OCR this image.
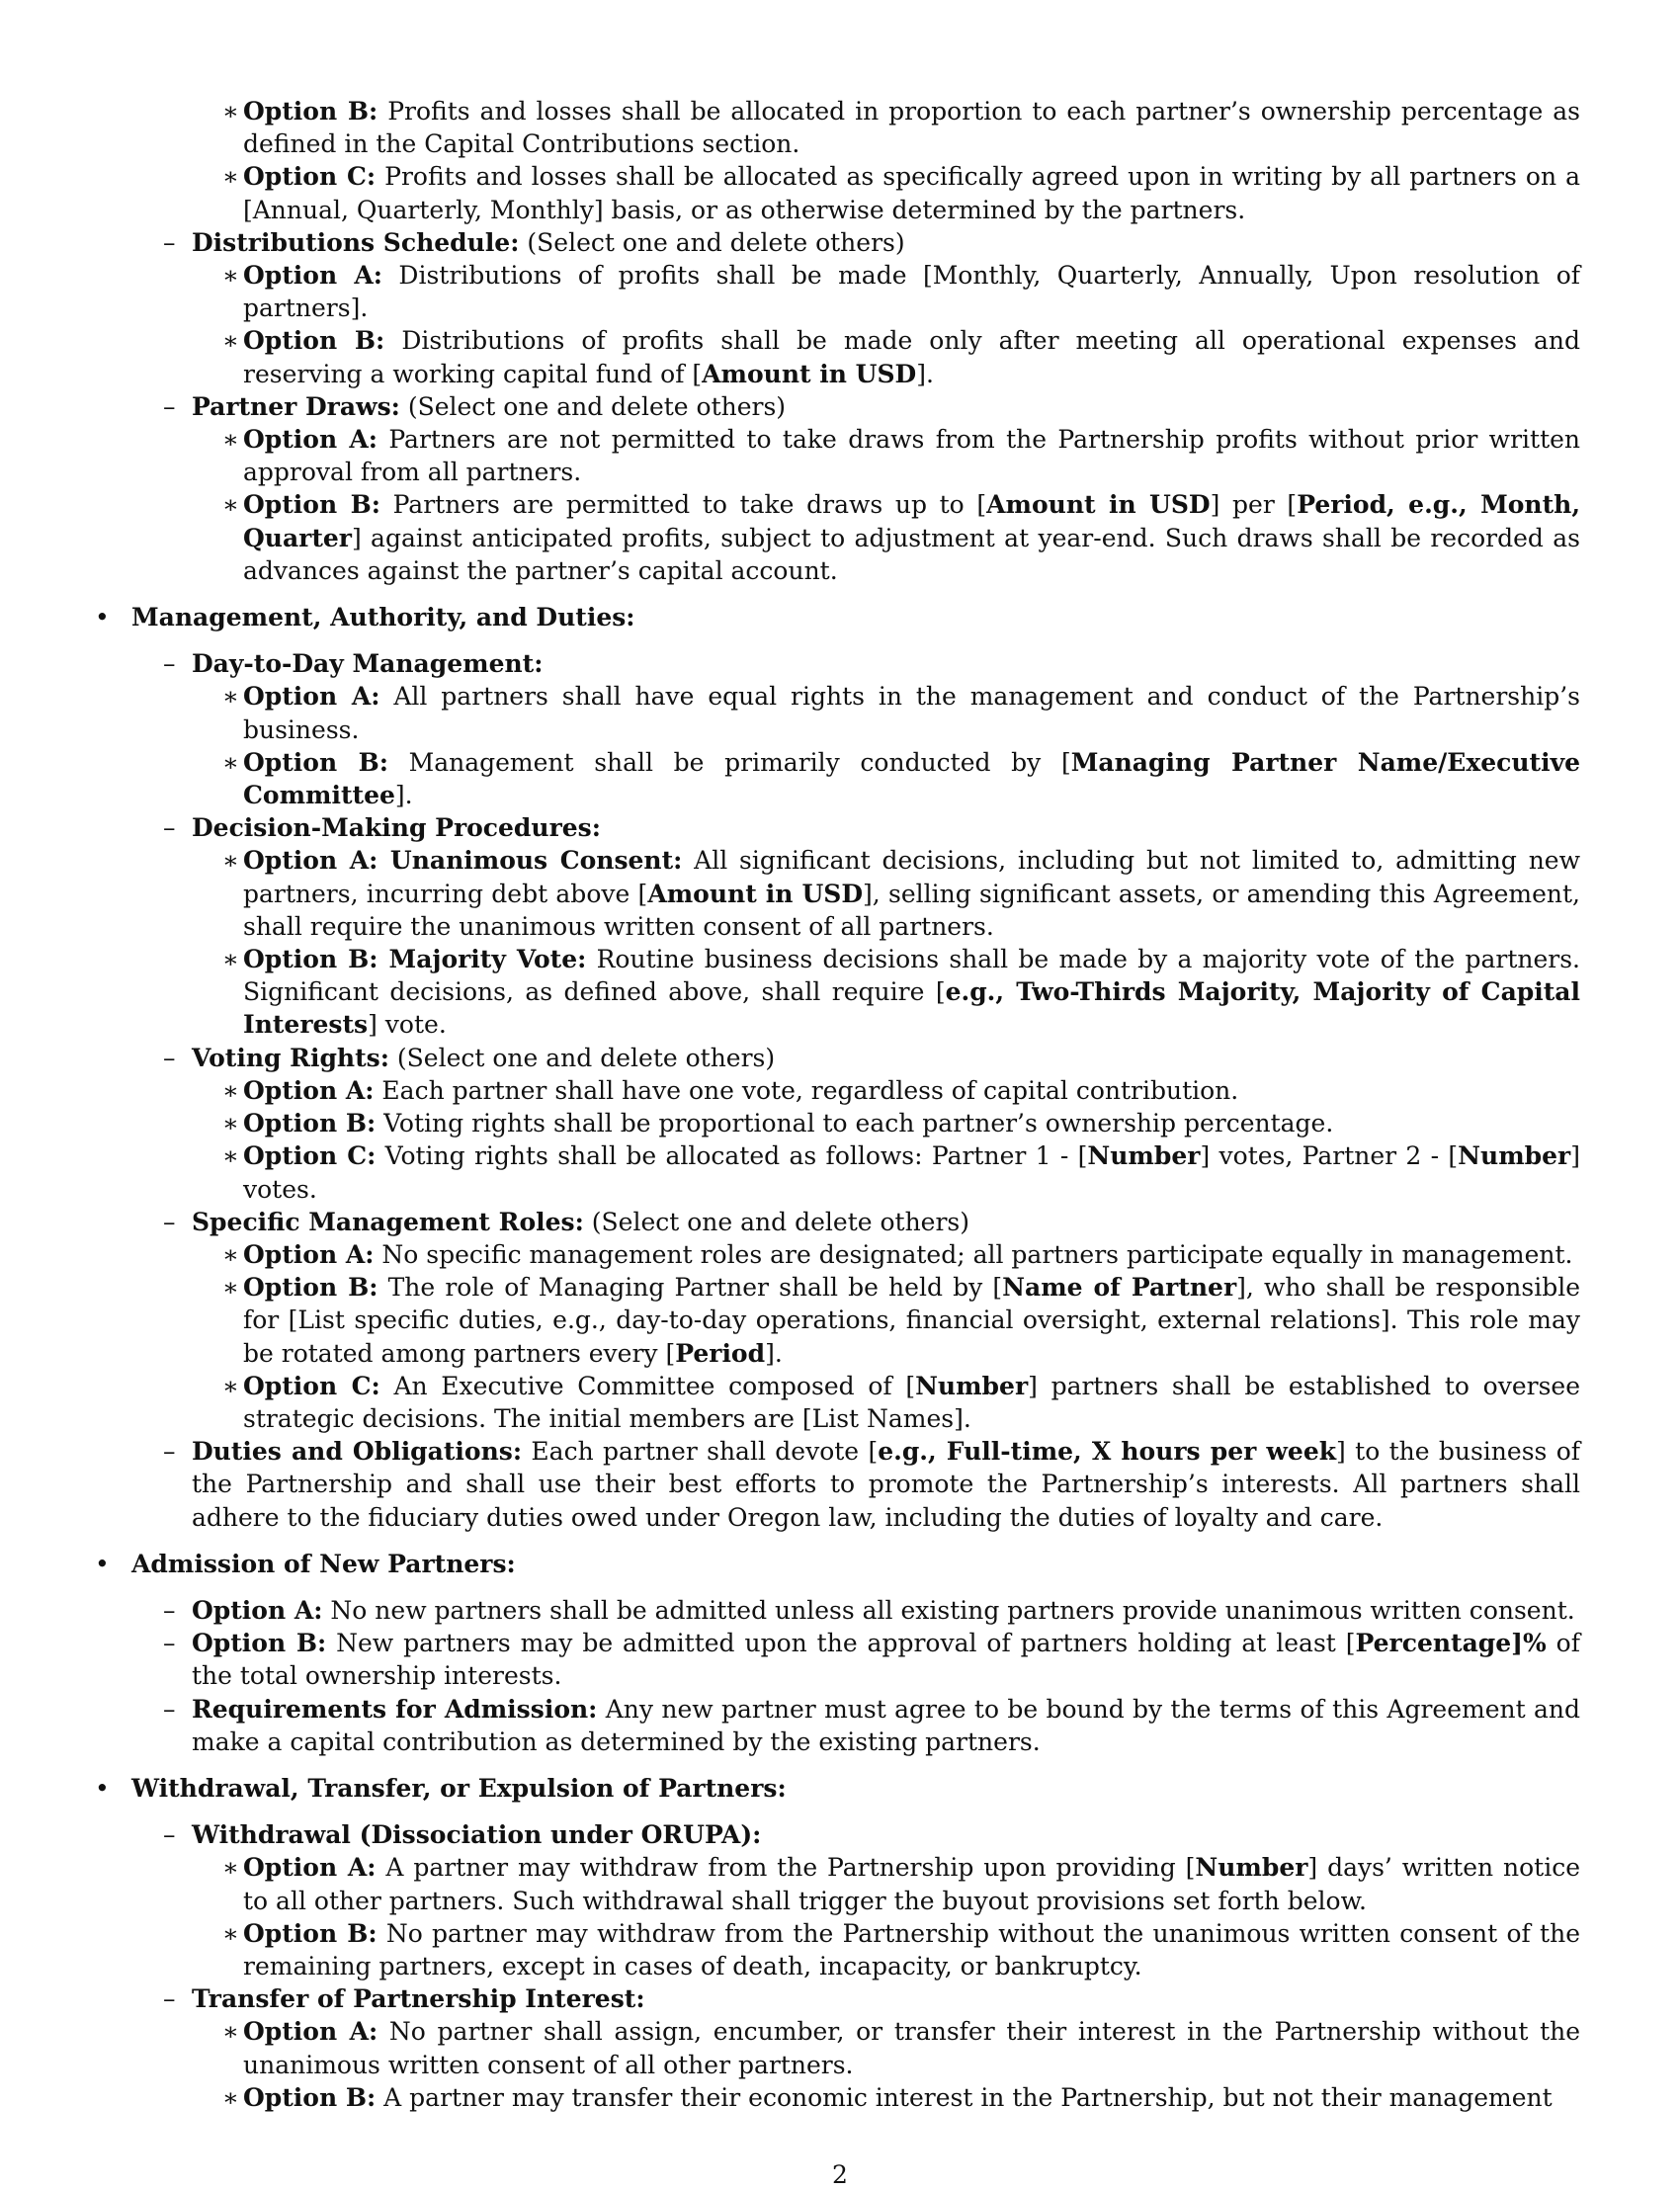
∗ Option B: Profits and losses shall be allocated in proportion to each partner’s ownership percentage as defined in the Capital Contributions section.
∗ Option C: Profits and losses shall be allocated as specifically agreed upon in writing by all partners on a [Annual, Quarterly, Monthly] basis, or as otherwise determined by the partners.
– Distributions Schedule: (Select one and delete others)
∗ Option A: Distributions of profits shall be made [Monthly, Quarterly, Annually, Upon resolution of partners].
∗ Option B: Distributions of profits shall be made only after meeting all operational expenses and reserving a working capital fund of [Amount in USD].
– Partner Draws: (Select one and delete others)
∗ Option A: Partners are not permitted to take draws from the Partnership profits without prior written approval from all partners.
∗ Option B: Partners are permitted to take draws up to [Amount in USD] per [Period, e.g., Month, Quarter] against anticipated profits, subject to adjustment at year-end. Such draws shall be recorded as advances against the partner’s capital account.
• Management, Authority, and Duties:
– Day-to-Day Management:
∗ Option A: All partners shall have equal rights in the management and conduct of the Partnership’s business.
∗ Option B: Management shall be primarily conducted by [Managing Partner Name/Executive Committee].
– Decision-Making Procedures:
∗ Option A: Unanimous Consent: All significant decisions, including but not limited to, admitting new partners, incurring debt above [Amount in USD], selling significant assets, or amending this Agreement, shall require the unanimous written consent of all partners.
∗ Option B: Majority Vote: Routine business decisions shall be made by a majority vote of the partners. Significant decisions, as defined above, shall require [e.g., Two-Thirds Majority, Majority of Capital Interests] vote.
– Voting Rights: (Select one and delete others)
∗ Option A: Each partner shall have one vote, regardless of capital contribution.
∗ Option B: Voting rights shall be proportional to each partner’s ownership percentage.
∗ Option C: Voting rights shall be allocated as follows: Partner 1 - [Number] votes, Partner 2 - [Number] votes.
– Specific Management Roles: (Select one and delete others)
∗ Option A: No specific management roles are designated; all partners participate equally in management.
∗ Option B: The role of Managing Partner shall be held by [Name of Partner], who shall be responsible for [List specific duties, e.g., day-to-day operations, financial oversight, external relations]. This role may be rotated among partners every [Period].
∗ Option C: An Executive Committee composed of [Number] partners shall be established to oversee strategic decisions. The initial members are [List Names].
– Duties and Obligations: Each partner shall devote [e.g., Full-time, X hours per week] to the business of the Partnership and shall use their best efforts to promote the Partnership’s interests. All partners shall adhere to the fiduciary duties owed under Oregon law, including the duties of loyalty and care.
• Admission of New Partners:
– Option A: No new partners shall be admitted unless all existing partners provide unanimous written consent.
– Option B: New partners may be admitted upon the approval of partners holding at least [Percentage]% of the total ownership interests.
– Requirements for Admission: Any new partner must agree to be bound by the terms of this Agreement and make a capital contribution as determined by the existing partners.
• Withdrawal, Transfer, or Expulsion of Partners:
– Withdrawal (Dissociation under ORUPA):
∗ Option A: A partner may withdraw from the Partnership upon providing [Number] days’ written notice to all other partners. Such withdrawal shall trigger the buyout provisions set forth below.
∗ Option B: No partner may withdraw from the Partnership without the unanimous written consent of the remaining partners, except in cases of death, incapacity, or bankruptcy.
– Transfer of Partnership Interest:
∗ Option A: No partner shall assign, encumber, or transfer their interest in the Partnership without the unanimous written consent of all other partners.
∗ Option B: A partner may transfer their economic interest in the Partnership, but not their management
2
